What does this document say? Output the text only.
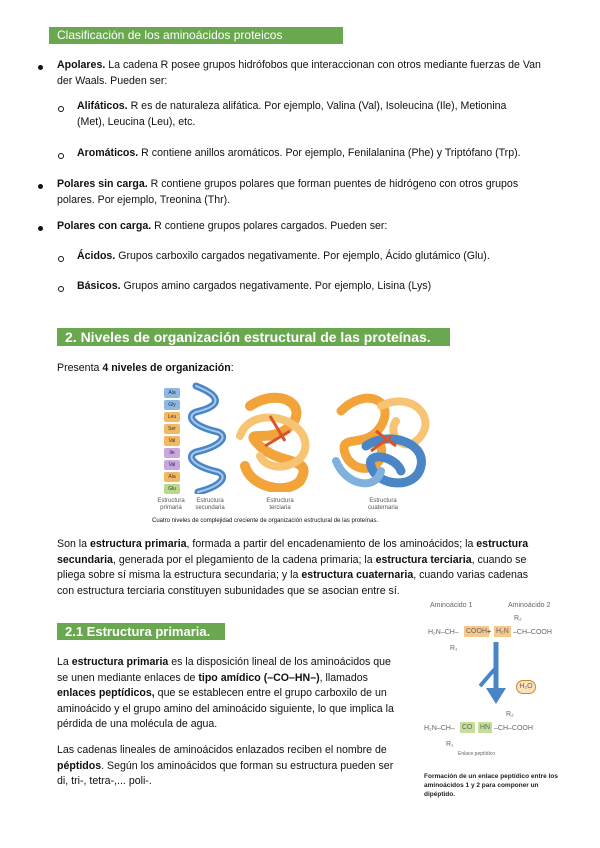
Clasificación de los aminoácidos proteicos
Apolares. La cadena R posee grupos hidrófobos que interaccionan con otros mediante fuerzas de Van der Waals. Pueden ser:
Alifáticos. R es de naturaleza alifática. Por ejemplo, Valina (Val), Isoleucina (Ile), Metionina (Met), Leucina (Leu), etc.
Aromáticos. R contiene anillos aromáticos. Por ejemplo, Fenilalanina (Phe) y Triptófano (Trp).
Polares sin carga. R contiene grupos polares que forman puentes de hidrógeno con otros grupos polares. Por ejemplo, Treonina (Thr).
Polares con carga. R contiene grupos polares cargados. Pueden ser:
Ácidos. Grupos carboxilo cargados negativamente. Por ejemplo, Ácido glutámico (Glu).
Básicos. Grupos amino cargados negativamente. Por ejemplo, Lisina (Lys)
2. Niveles de organización estructural de las proteínas.
Presenta 4 niveles de organización:
Ala
Gly
Leu
Ser
Val
Ile
Val
Ala
Glu
Estructura primaria
Estructura secundaria
Estructura terciaria
Estructura cuaternaria
Cuatro niveles de complejidad creciente de organización estructural de las proteínas.
Son la estructura primaria, formada a partir del encadenamiento de los aminoácidos; la estructura secundaria, generada por el plegamiento de la cadena primaria; la estructura terciaria, cuando se pliega sobre sí misma la estructura secundaria; y la estructura cuaternaria, cuando varias cadenas con estructura terciaria constituyen subunidades que se asocian entre sí.
2.1 Estructura primaria.
La estructura primaria es la disposición lineal de los aminoácidos que se unen mediante enlaces de tipo amídico (–CO–HN–), llamados enlaces peptídicos, que se establecen entre el grupo carboxilo de un aminoácido y el grupo amino del aminoácido siguiente, lo que implica la pérdida de una molécula de agua.
Las cadenas lineales de aminoácidos enlazados reciben el nombre de péptidos. Según los aminoácidos que forman su estructura pueden ser di, tri-, tetra-,... poli-.
Aminoácido 1	Aminoácido 2
R₂
H₂N–CH– COOH + H₂N –CH–COOH
R₁
H₂O
R₂
H₂N–CH– CO HN –CH–COOH
R₁
Enlace peptídico
Formación de un enlace peptídico entre los aminoácidos 1 y 2 para componer un dipéptido.
